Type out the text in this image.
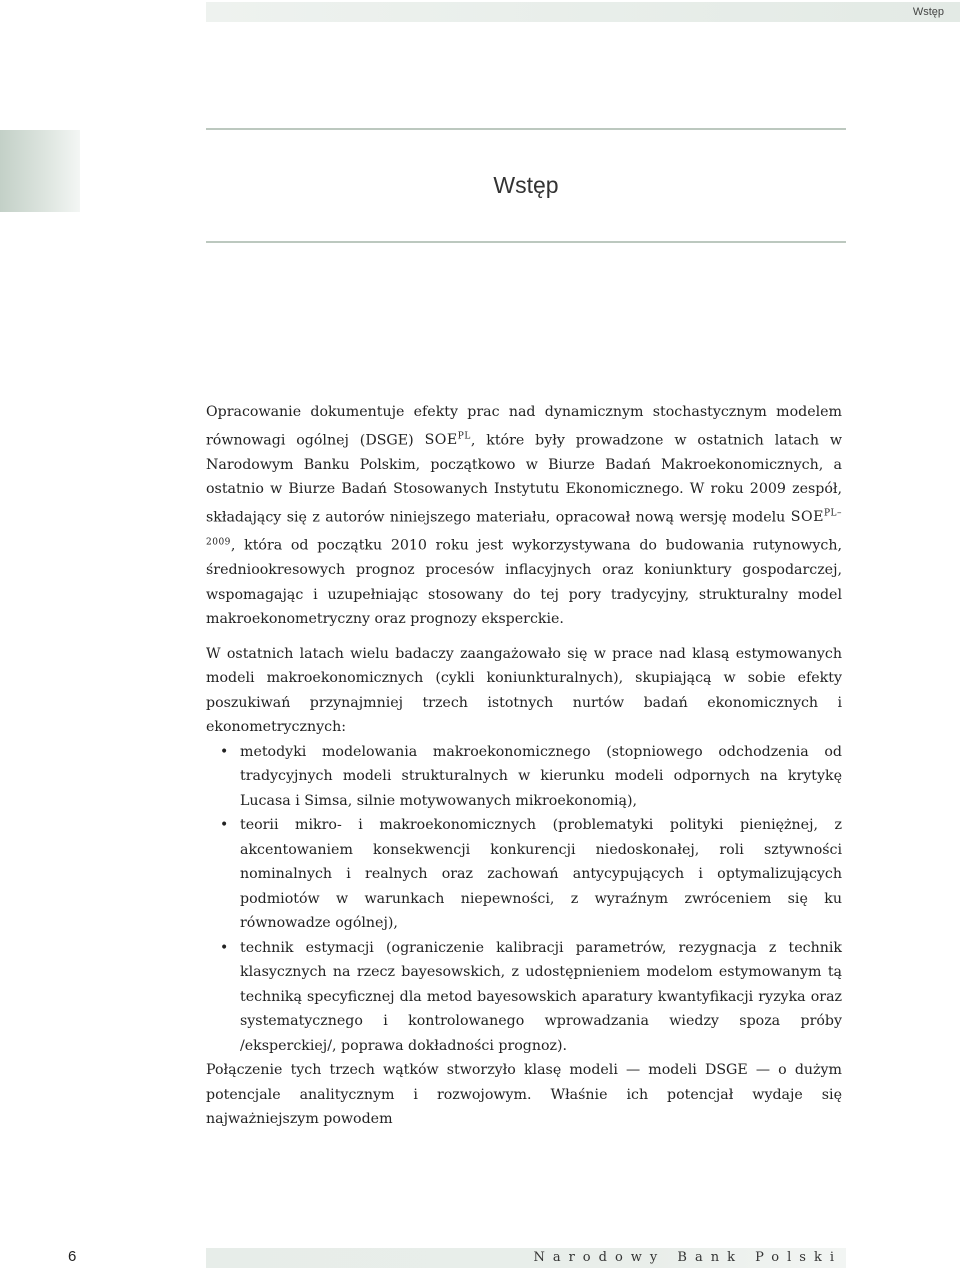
Wstęp
Wstęp

Opracowanie dokumentuje efekty prac nad dynamicznym stochastycznym modelem równowagi ogólnej (DSGE) $SOE^{PL}$, które były prowadzone w ostatnich latach w Narodowym Banku Polskim, początkowo w Biurze Badań Makroekonomicznych, a ostatnio w Biurze Badań Stosowanych Instytutu Ekonomicznego. W roku 2009 zespół, składający się z autorów niniejszego materiału, opracował nową wersję modelu $SOE^{PL-2009}$, która od początku 2010 roku jest wykorzystywana do budowania rutynowych, średniookresowych prognoz procesów inflacyjnych oraz koniunktury gospodarczej, wspomagając i uzupełniając stosowany do tej pory tradycyjny, strukturalny model makroekonometryczny oraz prognozy eksperckie.

W ostatnich latach wielu badaczy zaangażowało się w prace nad klasą estymowanych modeli makroekonomicznych (cykli koniunkturalnych), skupiającą w sobie efekty poszukiwań przynajmniej trzech istotnych nurtów badań ekonomicznych i ekonometrycznych:

• metodyki modelowania makroekonomicznego (stopniowego odchodzenia od tradycyjnych modeli strukturalnych w kierunku modeli odpornych na krytykę Lucasa i Simsa, silnie motywowanych mikroekonomią),
• teorii mikro- i makroekonomicznych (problematyki polityki pieniężnej, z akcentowaniem konsekwencji konkurencji niedoskonałej, roli sztywności nominalnych i realnych oraz zachowań antycypujących i optymalizujących podmiotów w warunkach niepewności, z wyraźnym zwróceniem się ku równowadze ogólnej),
• technik estymacji (ograniczenie kalibracji parametrów, rezygnacja z technik klasycznych na rzecz bayesowskich, z udostępnieniem modelom estymowanym tą techniką specyficznej dla metod bayesowskich aparatury kwantyfikacji ryzyka oraz systematycznego i kontrolowanego wprowadzania wiedzy spoza próby /eksperckiej/, poprawa dokładności prognoz).

Połączenie tych trzech wątków stworzyło klasę modeli — modeli DSGE — o dużym potencjale analitycznym i rozwojowym. Właśnie ich potencjał wydaje się najważniejszym powodem

6	Narodowy Bank Polski
